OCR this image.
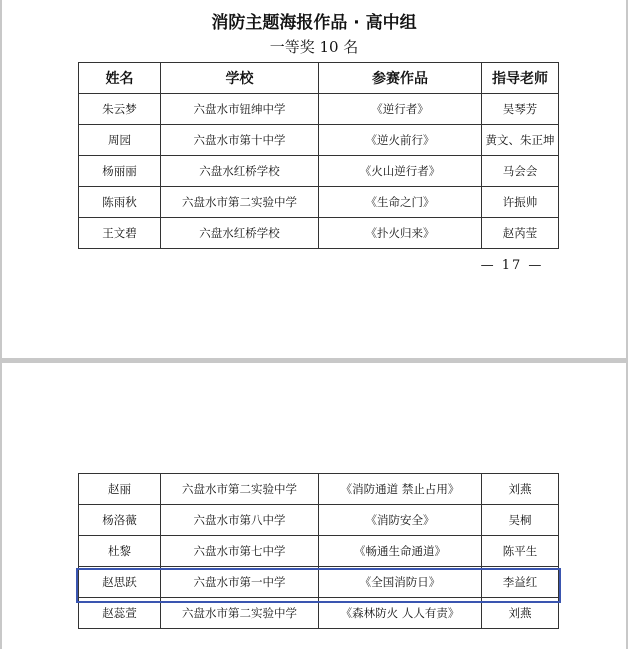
消防主题海报作品 · 高中组
一等奖 10 名
姓名	学校	参赛作品	指导老师
朱云梦	六盘水市钮绅中学	《逆行者》	吴琴芳
周园	六盘水市第十中学	《逆火前行》	黄文、朱正坤
杨丽丽	六盘水红桥学校	《火山逆行者》	马会会
陈雨秋	六盘水市第二实验中学	《生命之门》	许振帅
王文碧	六盘水红桥学校	《扑火归来》	赵芮莹
— 17 —
赵丽	六盘水市第二实验中学	《消防通道 禁止占用》	刘燕
杨洛薇	六盘水市第八中学	《消防安全》	吴桐
杜黎	六盘水市第七中学	《畅通生命通道》	陈平生
赵思跃	六盘水市第一中学	《全国消防日》	李益红
赵蕊萱	六盘水市第二实验中学	《森林防火 人人有责》	刘燕
